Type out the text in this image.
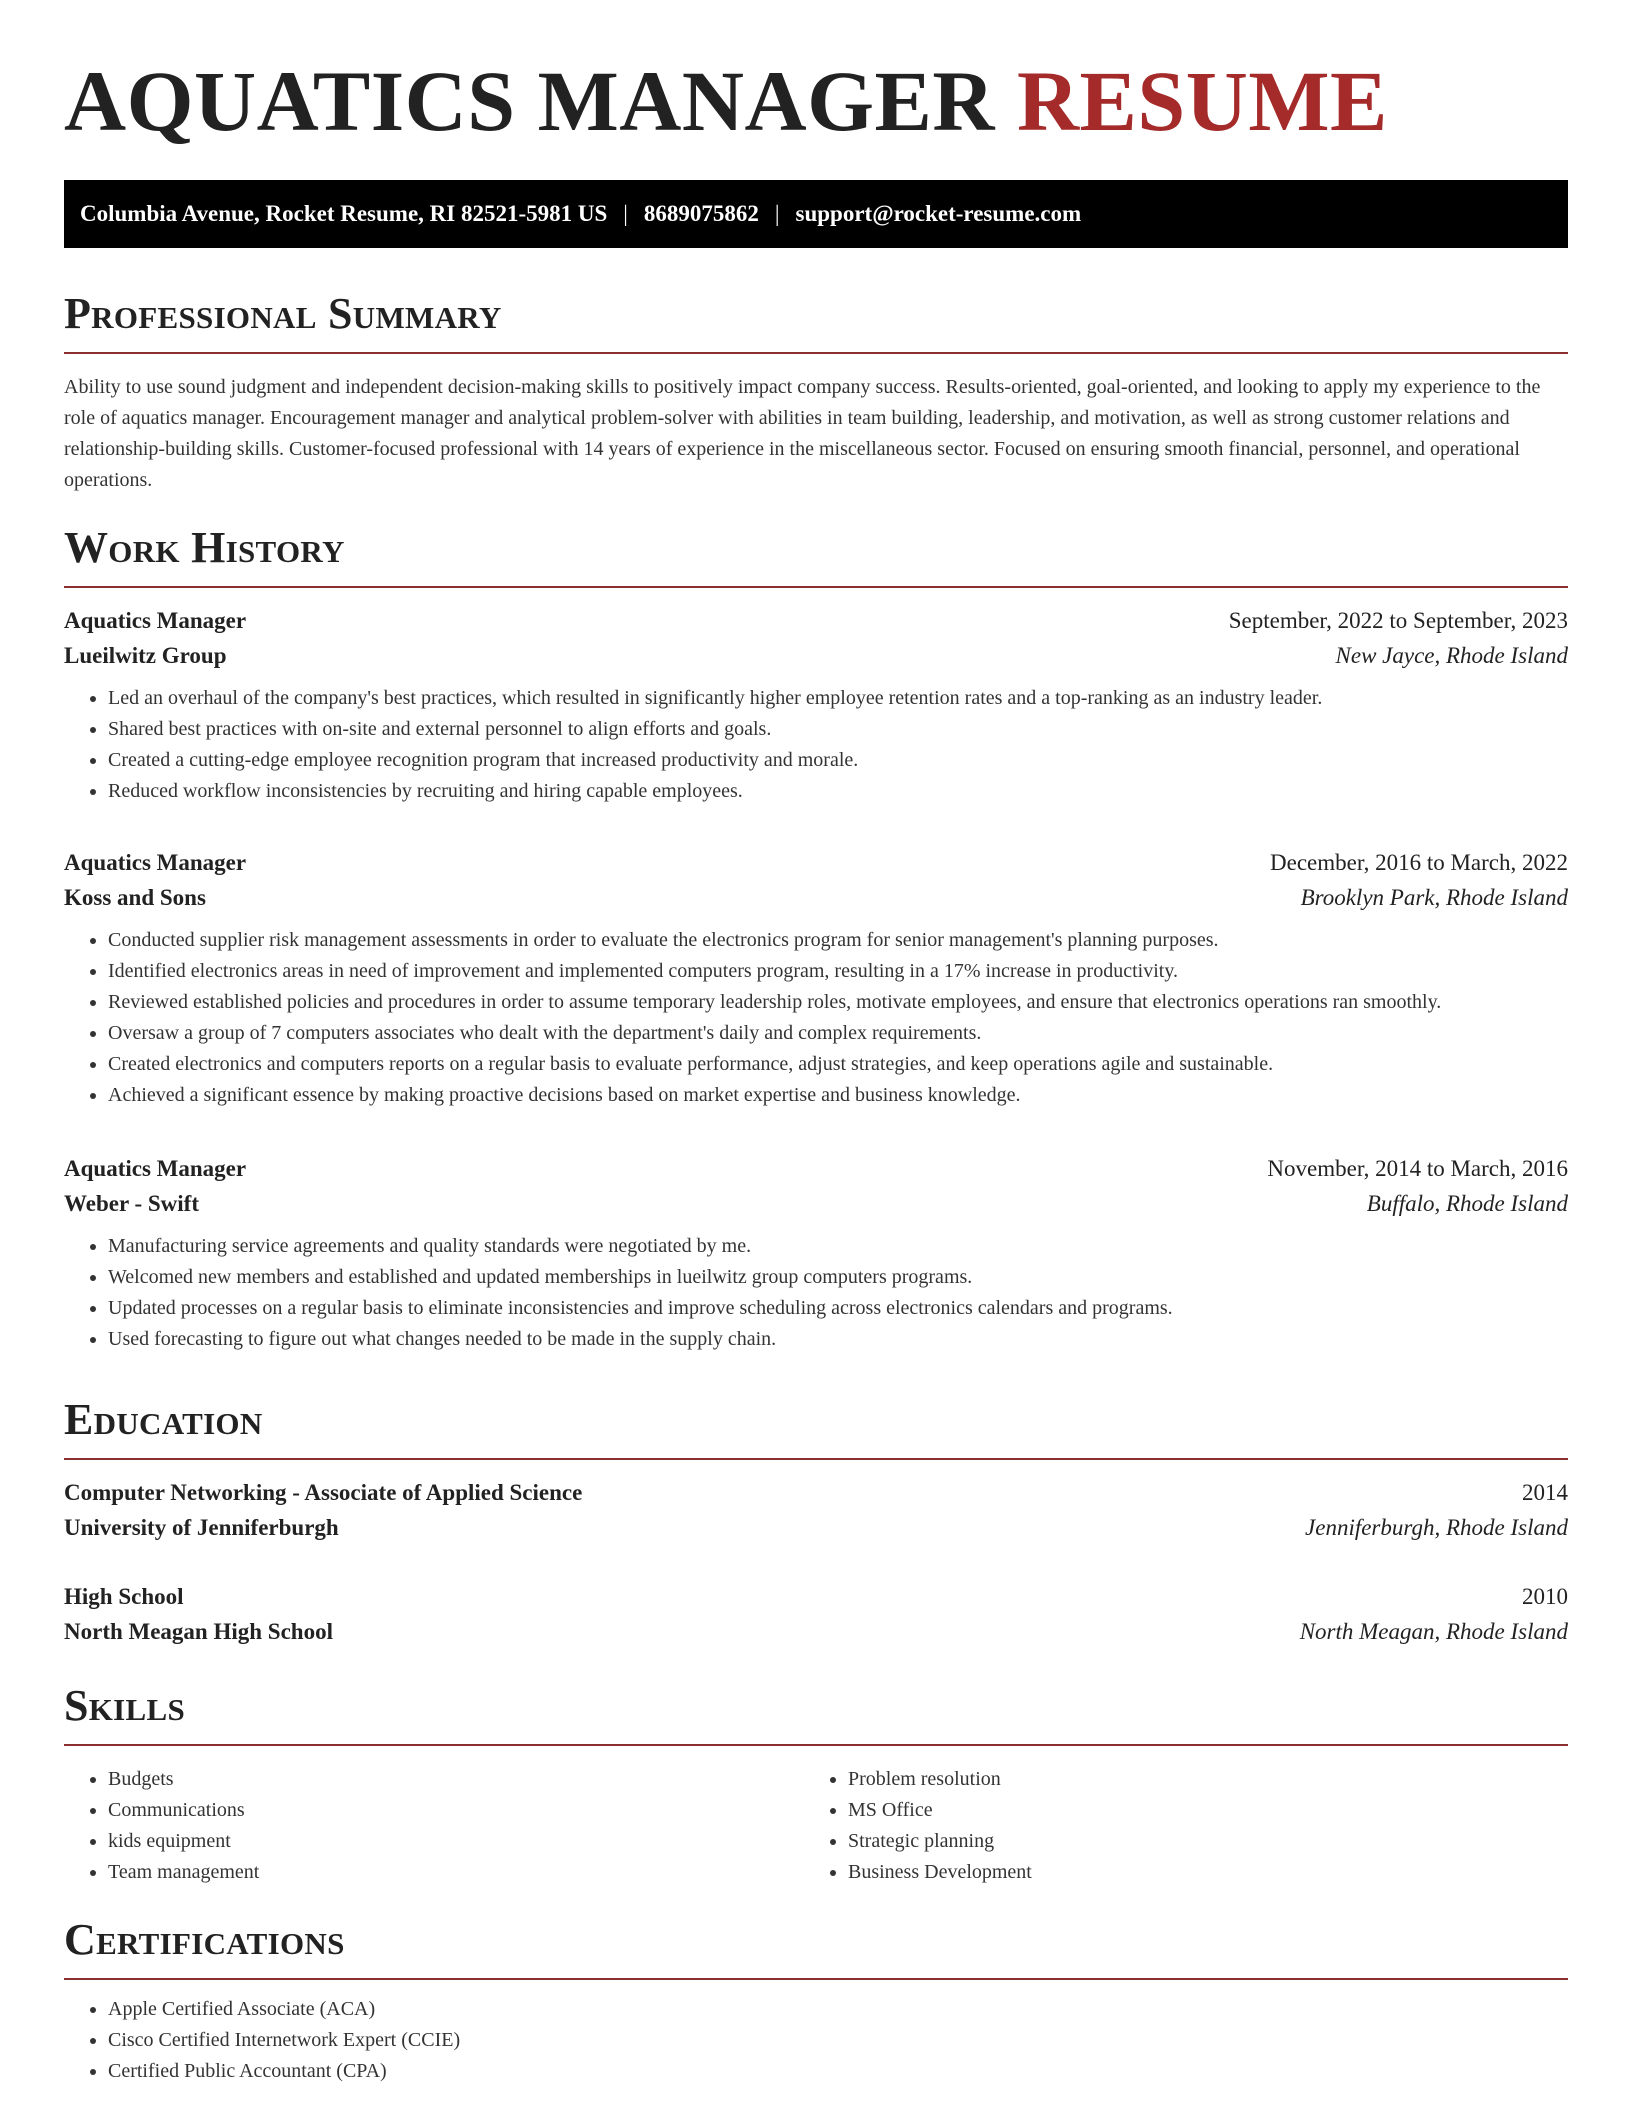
AQUATICS MANAGER RESUME
Columbia Avenue, Rocket Resume, RI 82521-5981 US | 8689075862 | support@rocket-resume.com
Professional Summary

Ability to use sound judgment and independent decision-making skills to positively impact company success. Results-oriented, goal-oriented, and looking to apply my experience to the role of aquatics manager. Encouragement manager and analytical problem-solver with abilities in team building, leadership, and motivation, as well as strong customer relations and relationship-building skills. Customer-focused professional with 14 years of experience in the miscellaneous sector. Focused on ensuring smooth financial, personnel, and operational operations.

Work History
Aquatics Manager	September, 2022 to September, 2023
Lueilwitz Group	New Jayce, Rhode Island
• Led an overhaul of the company's best practices, which resulted in significantly higher employee retention rates and a top-ranking as an industry leader.
• Shared best practices with on-site and external personnel to align efforts and goals.
• Created a cutting-edge employee recognition program that increased productivity and morale.
• Reduced workflow inconsistencies by recruiting and hiring capable employees.
Aquatics Manager	December, 2016 to March, 2022
Koss and Sons	Brooklyn Park, Rhode Island
• Conducted supplier risk management assessments in order to evaluate the electronics program for senior management's planning purposes.
• Identified electronics areas in need of improvement and implemented computers program, resulting in a 17% increase in productivity.
• Reviewed established policies and procedures in order to assume temporary leadership roles, motivate employees, and ensure that electronics operations ran smoothly.
• Oversaw a group of 7 computers associates who dealt with the department's daily and complex requirements.
• Created electronics and computers reports on a regular basis to evaluate performance, adjust strategies, and keep operations agile and sustainable.
• Achieved a significant essence by making proactive decisions based on market expertise and business knowledge.
Aquatics Manager	November, 2014 to March, 2016
Weber - Swift	Buffalo, Rhode Island
• Manufacturing service agreements and quality standards were negotiated by me.
• Welcomed new members and established and updated memberships in lueilwitz group computers programs.
• Updated processes on a regular basis to eliminate inconsistencies and improve scheduling across electronics calendars and programs.
• Used forecasting to figure out what changes needed to be made in the supply chain.
Education
Computer Networking - Associate of Applied Science	2014
University of Jenniferburgh	Jenniferburgh, Rhode Island
High School	2010
North Meagan High School	North Meagan, Rhode Island
Skills
• Budgets
• Communications
• kids equipment
• Team management
• Problem resolution
• MS Office
• Strategic planning
• Business Development
Certifications
• Apple Certified Associate (ACA)
• Cisco Certified Internetwork Expert (CCIE)
• Certified Public Accountant (CPA)
